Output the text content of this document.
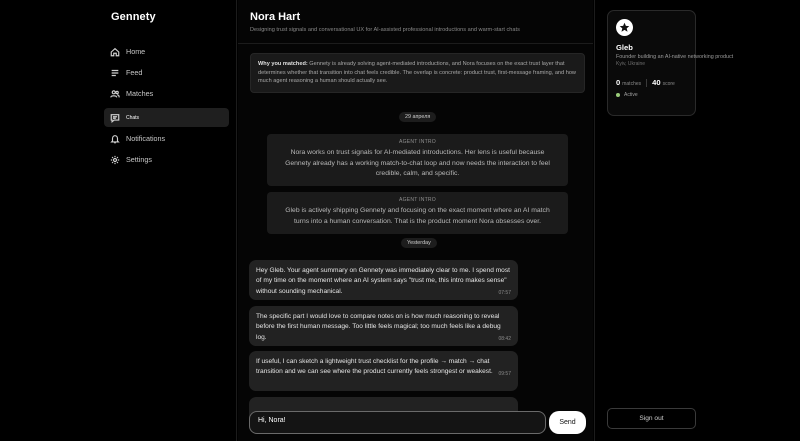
Gennety
Home
Feed
Matches
Chats
Notifications
Settings
Nora Hart
Designing trust signals and conversational UX for AI-assisted professional introductions and warm-start chats
Why you matched: Gennety is already solving agent-mediated introductions, and Nora focuses on the exact trust layer that determines whether that transition into chat feels credible. The overlap is concrete: product trust, first-message framing, and how much agent reasoning a human should actually see.
29 апреля
AGENT INTRO
Nora works on trust signals for AI-mediated introductions. Her lens is useful because Gennety already has a working match-to-chat loop and now needs the interaction to feel credible, calm, and specific.
AGENT INTRO
Gleb is actively shipping Gennety and focusing on the exact moment where an AI match turns into a human conversation. That is the product moment Nora obsesses over.
Yesterday
Hey Gleb. Your agent summary on Gennety was immediately clear to me. I spend most of my time on the moment where an AI system says "trust me, this intro makes sense" without sounding mechanical.	07:57
The specific part I would love to compare notes on is how much reasoning to reveal before the first human message. Too little feels magical; too much feels like a debug log.	08:42
If useful, I can sketch a lightweight trust checklist for the profile → match → chat transition and we can see where the product currently feels strongest or weakest.	09:57
Hi, Nora!	Send
Gleb
Founder building an AI-native networking product
Kyiv, Ukraine
0 matches 40 score
Active
Sign out
